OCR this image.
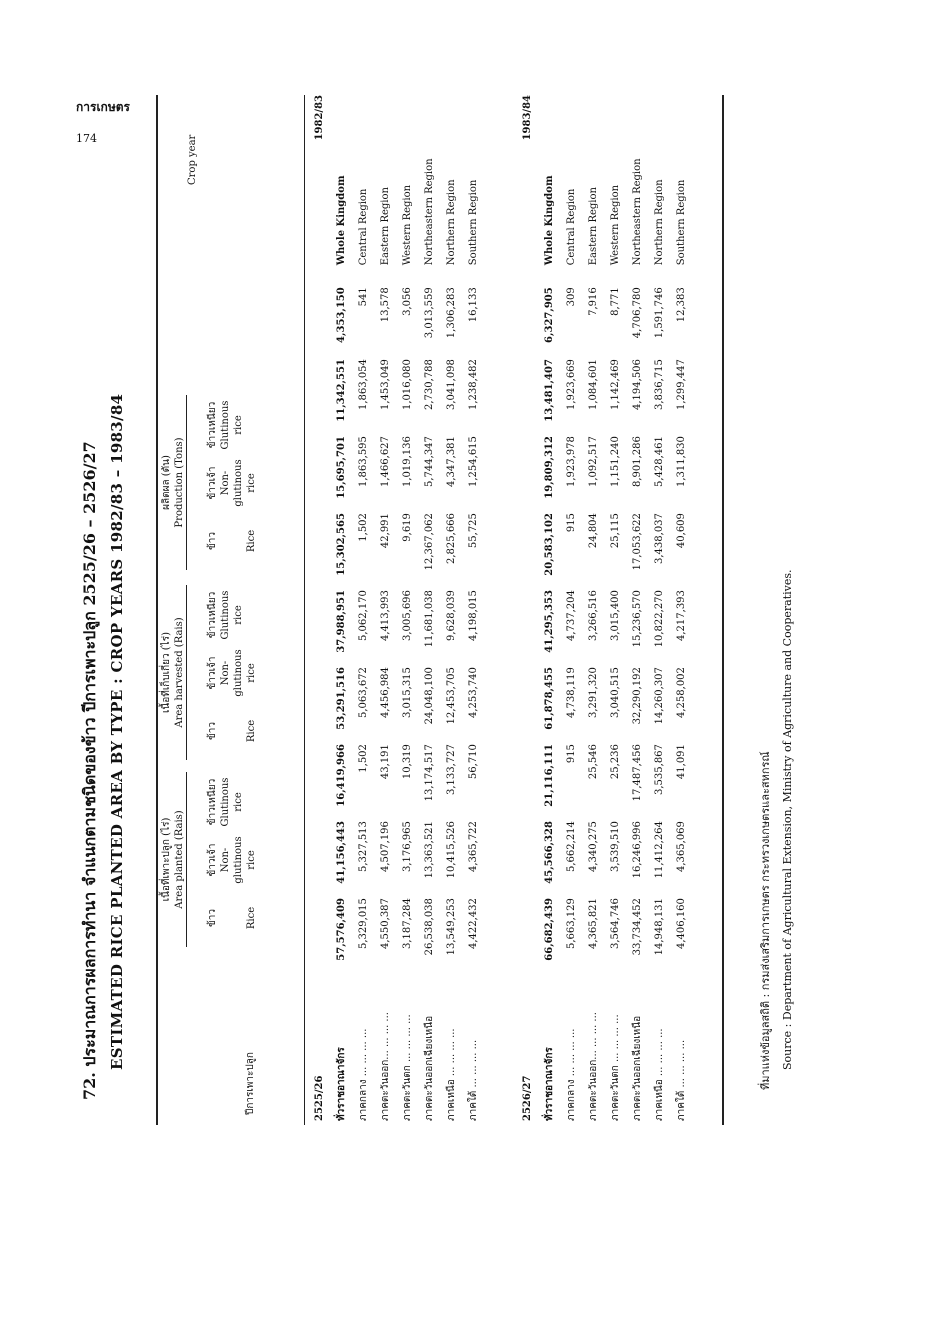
การเกษตร
174
72. ประมาณการผลการทำนา จำแนกตามชนิดของข้าว ปีการเพาะปลูก 2525/26 – 2526/27 ESTIMATED RICE PLANTED AREA BY TYPE : CROP YEARS 1982/83 – 1983/84
ปีการเพาะปลูก
Crop year
เนื้อที่เพาะปลูก (ไร่) Area planted (Rais)
เนื้อที่เก็บเกี่ยว (ไร่) Area harvested (Rais)
ผลิตผล (ตัน) Production (Tons)
ข้าว

	Rice
ข้าวเจ้า Non- glutinous rice
ข้าวเหนียว Glutinous rice

ข้าว

	Rice
ข้าวเจ้า Non- glutinous rice
ข้าวเหนียว Glutinous rice

ข้าว

	Rice
ข้าวเจ้า Non- glutinous rice
ข้าวเหนียว Glutinous rice

2525/26										1982/83
ทั่วราชอาณาจักร	57,576,409	41,156,443	16,419,966	53,291,516	37,988,951	15,302,565	15,695,701	11,342,551	4,353,150	Whole Kingdom
ภาคกลาง ... ... ... ...	5,329,015	5,327,513	1,502	5,063,672	5,062,170	1,502	1,863,595	1,863,054	541	Central Region
ภาคตะวันออก... ... ... ...	4,550,387	4,507,196	43,191	4,456,984	4,413,993	42,991	1,466,627	1,453,049	13,578	Eastern Region
ภาคตะวันตก ... ... ... ...	3,187,284	3,176,965	10,319	3,015,315	3,005,696	9,619	1,019,136	1,016,080	3,056	Western Region
ภาคตะวันออกเฉียงเหนือ	26,538,038	13,363,521	13,174,517	24,048,100	11,681,038	12,367,062	5,744,347	2,730,788	3,013,559	Northeastern Region
ภาคเหนือ ... ... ... ...	13,549,253	10,415,526	3,133,727	12,453,705	9,628,039	2,825,666	4,347,381	3,041,098	1,306,283	Northern Region
ภาคใต้ ... ... ... ...	4,422,432	4,365,722	56,710	4,253,740	4,198,015	55,725	1,254,615	1,238,482	16,133	Southern Region
2526/27										1983/84
ทั่วราชอาณาจักร	66,682,439	45,566,328	21,116,111	61,878,455	41,295,353	20,583,102	19,809,312	13,481,407	6,327,905	Whole Kingdom
ภาคกลาง ... ... ... ...	5,663,129	5,662,214	915	4,738,119	4,737,204	915	1,923,978	1,923,669	309	Central Region
ภาคตะวันออก... ... ... ...	4,365,821	4,340,275	25,546	3,291,320	3,266,516	24,804	1,092,517	1,084,601	7,916	Eastern Region
ภาคตะวันตก ... ... ... ...	3,564,746	3,539,510	25,236	3,040,515	3,015,400	25,115	1,151,240	1,142,469	8,771	Western Region
ภาคตะวันออกเฉียงเหนือ	33,734,452	16,246,996	17,487,456	32,290,192	15,236,570	17,053,622	8,901,286	4,194,506	4,706,780	Northeastern Region
ภาคเหนือ ... ... ... ...	14,948,131	11,412,264	3,535,867	14,260,307	10,822,270	3,438,037	5,428,461	3,836,715	1,591,746	Northern Region
ภาคใต้ ... ... ... ...	4,406,160	4,365,069	41,091	4,258,002	4,217,393	40,609	1,311,830	1,299,447	12,383	Southern Region
ที่มาแห่งข้อมูลสถิติ : กรมส่งเสริมการเกษตร กระทรวงเกษตรและสหกรณ์ Source : Department of Agricultural Extension, Ministry of Agriculture and Cooperatives.
